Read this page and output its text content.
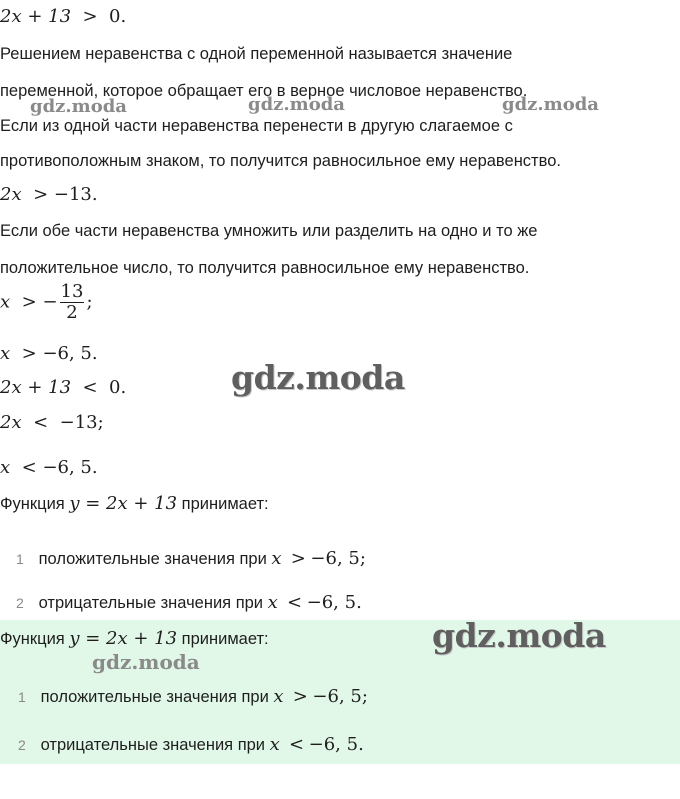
2x + 13 > 0.
Решением неравенства с одной переменной называется значение
переменной, которое обращает его в верное числовое неравенство.
Если из одной части неравенства перенести в другую слагаемое с
противоположным знаком, то получится равносильное ему неравенство.
2x > −13.
Если обе части неравенства умножить или разделить на одно и то же
положительное число, то получится равносильное ему неравенство.
x > − $\frac{13}{2}$ ;
x > −6, 5.
2x + 13 < 0.
2x < −13;
x < −6, 5.
Функция y = 2x + 13 принимает:
1 положительные значения при x > −6, 5;
2 отрицательные значения при x < −6, 5.
Функция y = 2x + 13 принимает:
1 положительные значения при x > −6, 5;
2 отрицательные значения при x < −6, 5.
gdz.moda	gdz.moda	gdz.moda
gdz.moda
gdz.moda
gdz.moda
